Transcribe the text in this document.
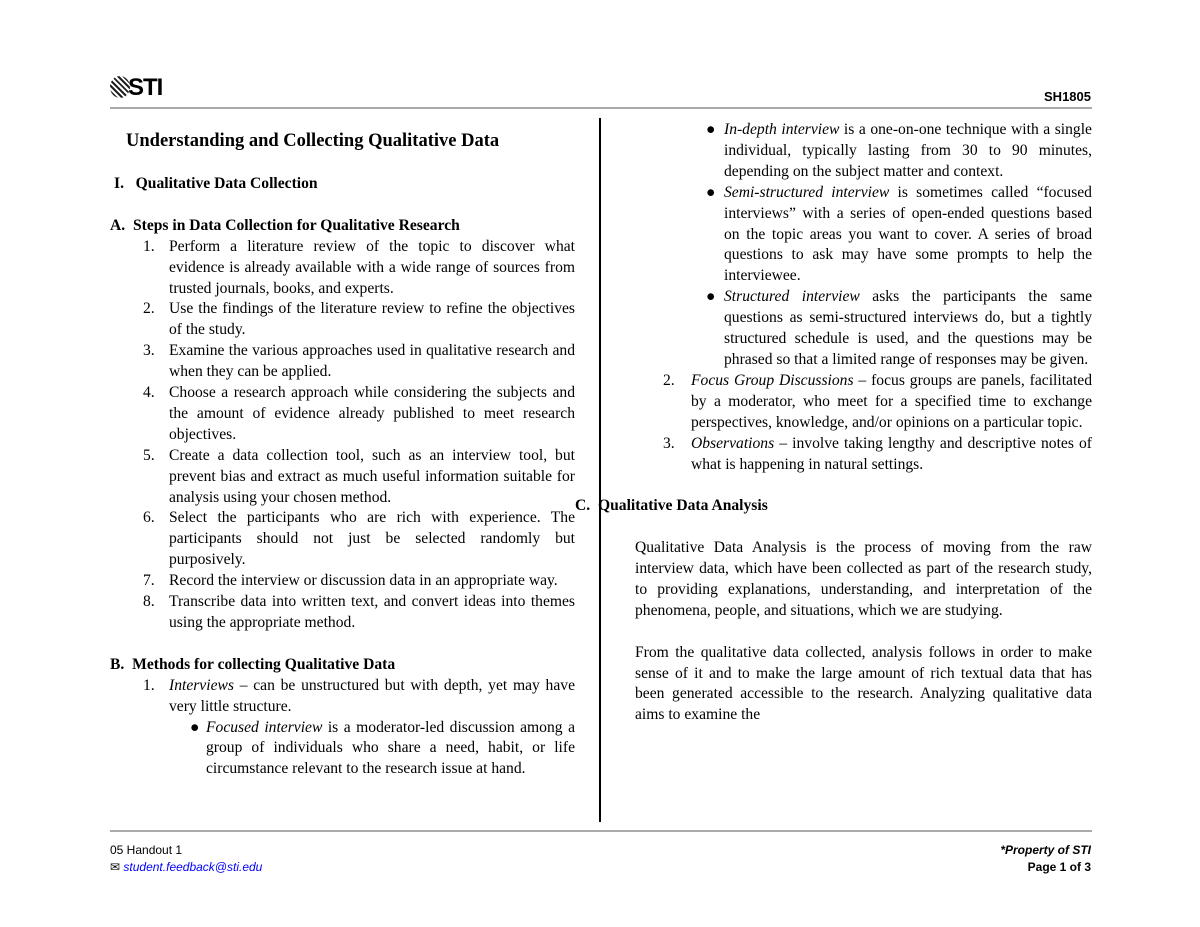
STI	SH1805
Understanding and Collecting Qualitative Data
I. Qualitative Data Collection
A. Steps in Data Collection for Qualitative Research
1. Perform a literature review of the topic to discover what evidence is already available with a wide range of sources from trusted journals, books, and experts.
2. Use the findings of the literature review to refine the objectives of the study.
3. Examine the various approaches used in qualitative research and when they can be applied.
4. Choose a research approach while considering the subjects and the amount of evidence already published to meet research objectives.
5. Create a data collection tool, such as an interview tool, but prevent bias and extract as much useful information suitable for analysis using your chosen method.
6. Select the participants who are rich with experience. The participants should not just be selected randomly but purposively.
7. Record the interview or discussion data in an appropriate way.
8. Transcribe data into written text, and convert ideas into themes using the appropriate method.
B. Methods for collecting Qualitative Data
1. Interviews – can be unstructured but with depth, yet may have very little structure.
● Focused interview is a moderator-led discussion among a group of individuals who share a need, habit, or life circumstance relevant to the research issue at hand.
● In-depth interview is a one-on-one technique with a single individual, typically lasting from 30 to 90 minutes, depending on the subject matter and context.
● Semi-structured interview is sometimes called “focused interviews” with a series of open-ended questions based on the topic areas you want to cover. A series of broad questions to ask may have some prompts to help the interviewee.
● Structured interview asks the participants the same questions as semi-structured interviews do, but a tightly structured schedule is used, and the questions may be phrased so that a limited range of responses may be given.
2. Focus Group Discussions – focus groups are panels, facilitated by a moderator, who meet for a specified time to exchange perspectives, knowledge, and/or opinions on a particular topic.
3. Observations – involve taking lengthy and descriptive notes of what is happening in natural settings.
C. Qualitative Data Analysis

Qualitative Data Analysis is the process of moving from the raw interview data, which have been collected as part of the research study, to providing explanations, understanding, and interpretation of the phenomena, people, and situations, which we are studying.

From the qualitative data collected, analysis follows in order to make sense of it and to make the large amount of rich textual data that has been generated accessible to the research. Analyzing qualitative data aims to examine the

05 Handout 1
✉ student.feedback@sti.edu
*Property of STI
Page 1 of 3
